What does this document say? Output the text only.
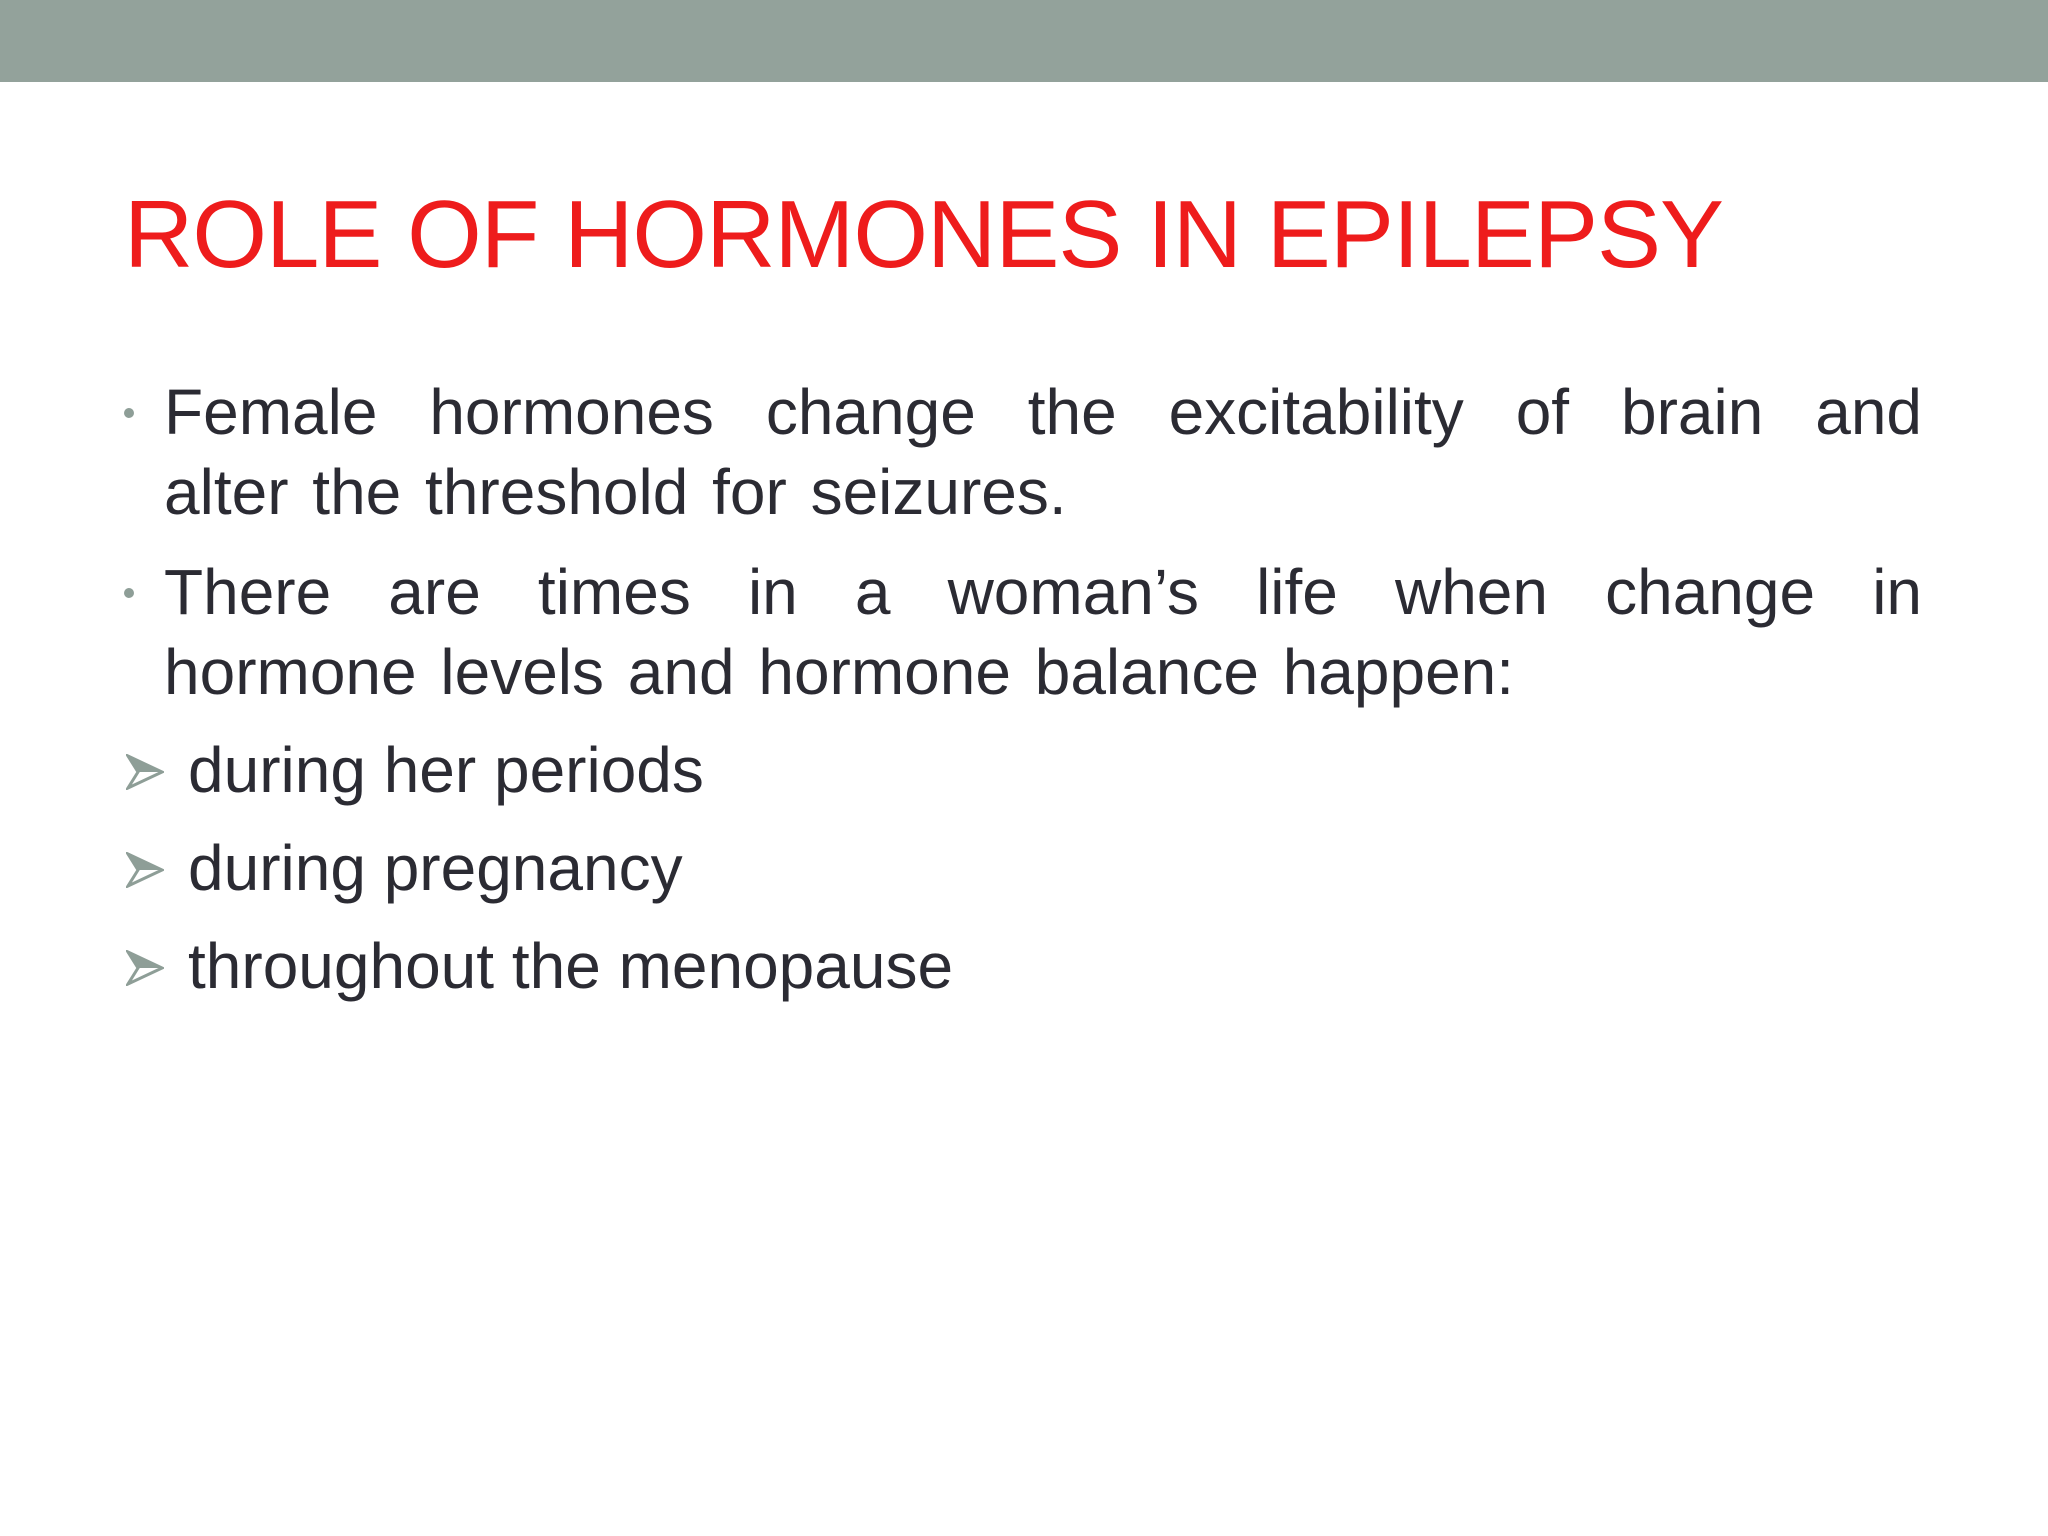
ROLE OF HORMONES IN EPILEPSY
Female hormones change the excitability of brain and
alter the threshold for seizures.
There are times in a woman’s life when change in
hormone levels and hormone balance happen:
during her periods
during pregnancy
throughout the menopause
